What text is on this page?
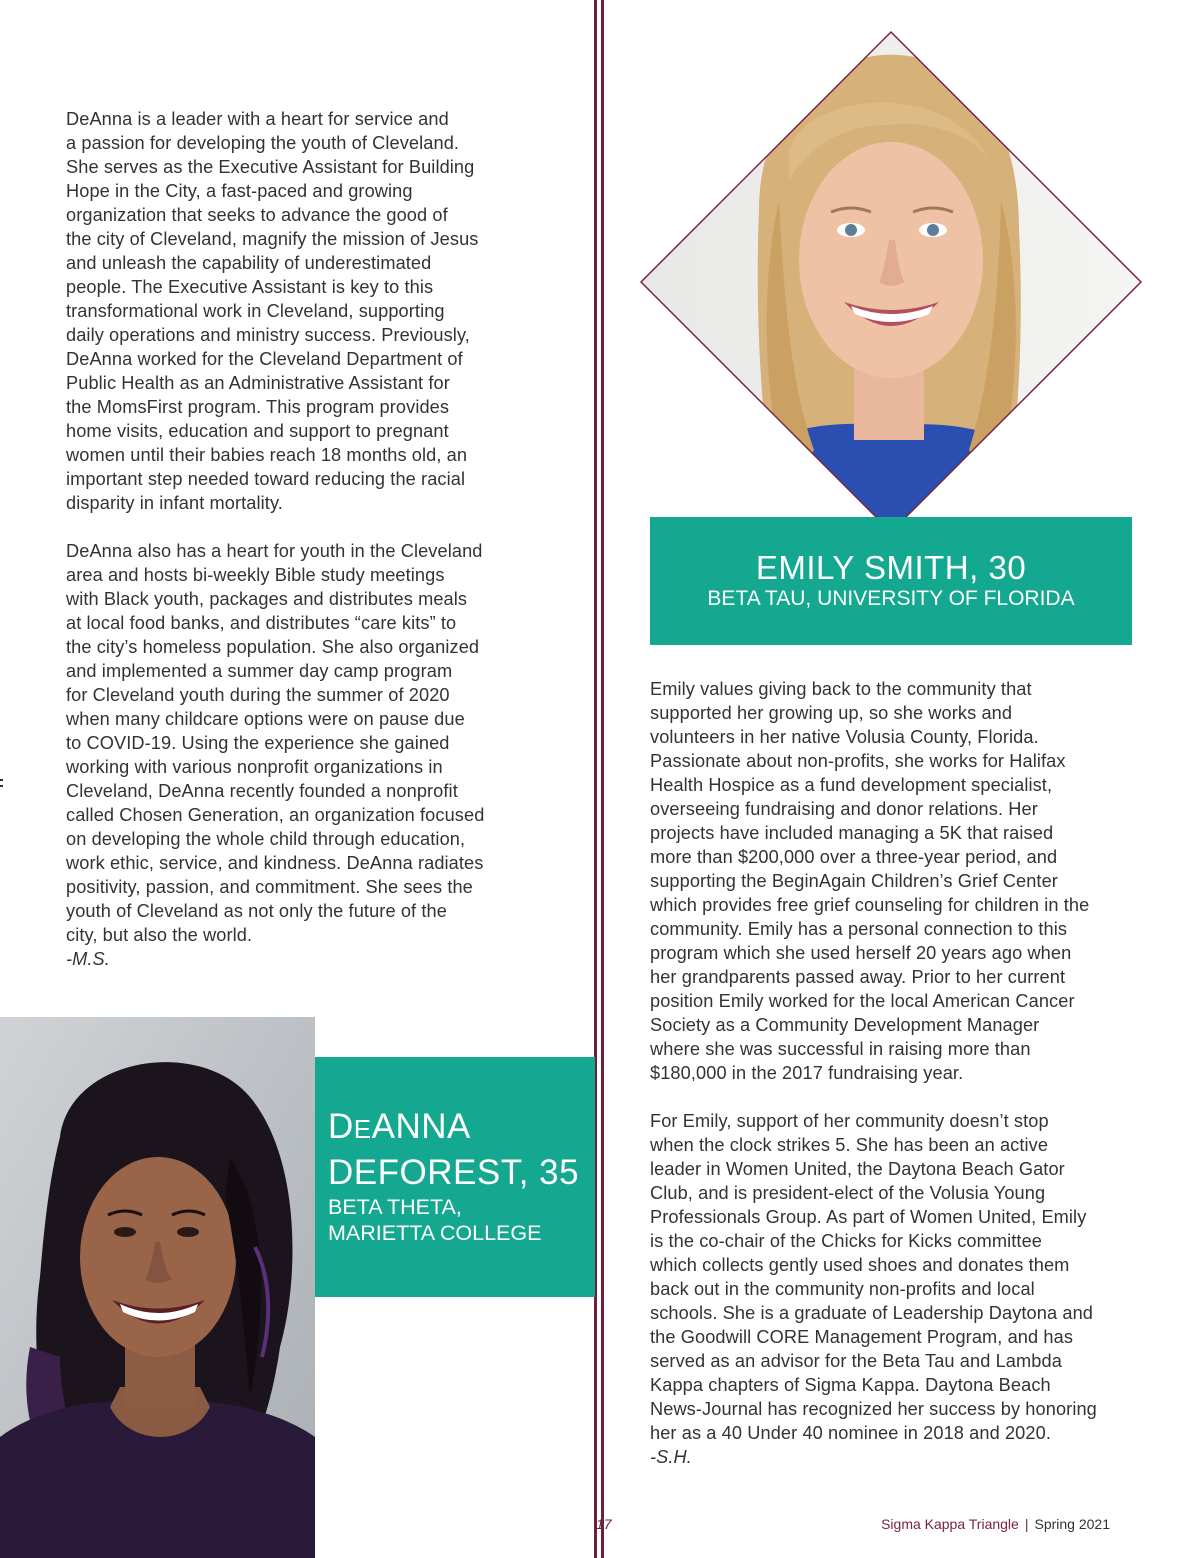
DeAnna is a leader with a heart for service and
a passion for developing the youth of Cleveland.
She serves as the Executive Assistant for Building
Hope in the City, a fast-paced and growing
organization that seeks to advance the good of
the city of Cleveland, magnify the mission of Jesus
and unleash the capability of underestimated
people. The Executive Assistant is key to this
transformational work in Cleveland, supporting
daily operations and ministry success. Previously,
DeAnna worked for the Cleveland Department of
Public Health as an Administrative Assistant for
the MomsFirst program. This program provides
home visits, education and support to pregnant
women until their babies reach 18 months old, an
important step needed toward reducing the racial
disparity in infant mortality.

DeAnna also has a heart for youth in the Cleveland
area and hosts bi-weekly Bible study meetings
with Black youth, packages and distributes meals
at local food banks, and distributes “care kits” to
the city’s homeless population. She also organized
and implemented a summer day camp program
for Cleveland youth during the summer of 2020
when many childcare options were on pause due
to COVID-19. Using the experience she gained
working with various nonprofit organizations in
Cleveland, DeAnna recently founded a nonprofit
called Chosen Generation, an organization focused
on developing the whole child through education,
work ethic, service, and kindness. DeAnna radiates
positivity, passion, and commitment. She sees the
youth of Cleveland as not only the future of the
city, but also the world.

-M.S.

DEANNA
DEFOREST, 35
BETA THETA,
MARIETTA COLLEGE
EMILY SMITH, 30
BETA TAU, UNIVERSITY OF FLORIDA

Emily values giving back to the community that
supported her growing up, so she works and
volunteers in her native Volusia County, Florida.
Passionate about non-profits, she works for Halifax
Health Hospice as a fund development specialist,
overseeing fundraising and donor relations. Her
projects have included managing a 5K that raised
more than $200,000 over a three-year period, and
supporting the BeginAgain Children’s Grief Center
which provides free grief counseling for children in the
community. Emily has a personal connection to this
program which she used herself 20 years ago when
her grandparents passed away. Prior to her current
position Emily worked for the local American Cancer
Society as a Community Development Manager
where she was successful in raising more than
$180,000 in the 2017 fundraising year.

For Emily, support of her community doesn’t stop
when the clock strikes 5. She has been an active
leader in Women United, the Daytona Beach Gator
Club, and is president-elect of the Volusia Young
Professionals Group. As part of Women United, Emily
is the co-chair of the Chicks for Kicks committee
which collects gently used shoes and donates them
back out in the community non-profits and local
schools. She is a graduate of Leadership Daytona and
the Goodwill CORE Management Program, and has
served as an advisor for the Beta Tau and Lambda
Kappa chapters of Sigma Kappa. Daytona Beach
News-Journal has recognized her success by honoring
her as a 40 Under 40 nominee in 2018 and 2020.

-S.H.

17	Sigma Kappa Triangle | Spring 2021
